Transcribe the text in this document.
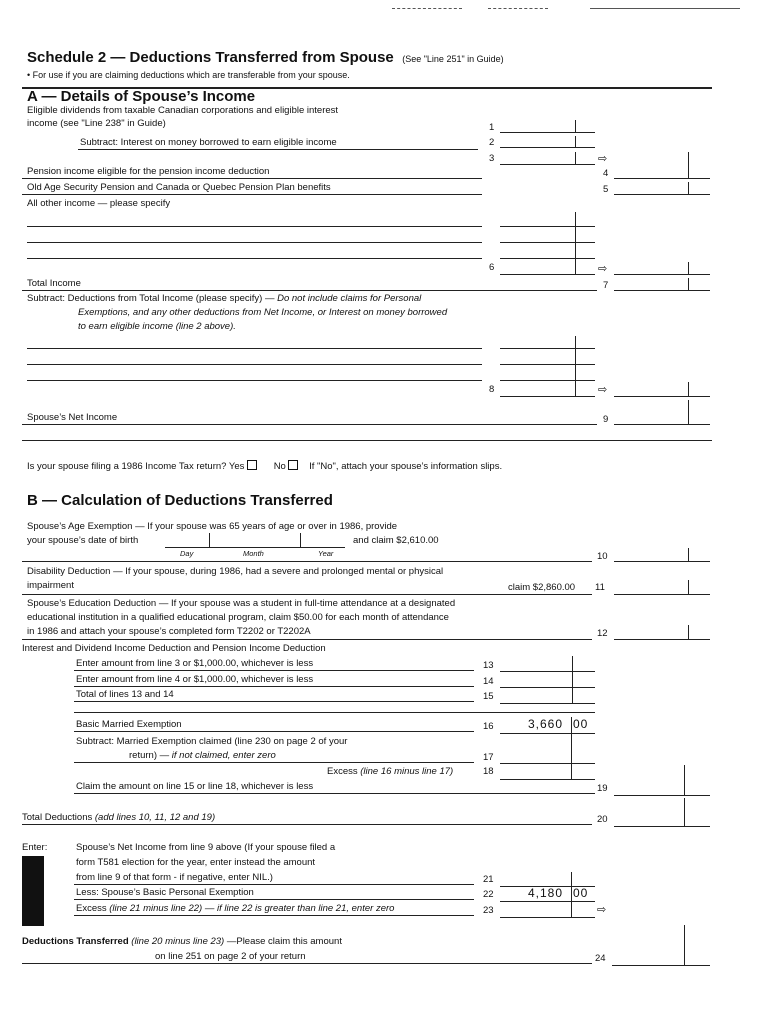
Schedule 2 — Deductions Transferred from Spouse (See "Line 251" in Guide)
• For use if you are claiming deductions which are transferable from your spouse.
A — Details of Spouse’s Income
Eligible dividends from taxable Canadian corporations and eligible interest
income (see "Line 238" in Guide)	1
Subtract: Interest on money borrowed to earn eligible income	2
3	⇨
Pension income eligible for the pension income deduction	4
Old Age Security Pension and Canada or Quebec Pension Plan benefits	5
All other income — please specify
6	⇨
Total Income	7
Subtract: Deductions from Total Income (please specify) — Do not include claims for Personal
Exemptions, and any other deductions from Net Income, or Interest on money borrowed
to earn eligible income (line 2 above).
8	⇨
Spouse’s Net Income	9
Is your spouse filing a 1986 Income Tax return? Yes	No If "No", attach your spouse’s information slips.
B — Calculation of Deductions Transferred
Spouse’s Age Exemption — If your spouse was 65 years of age or over in 1986, provide
your spouse’s date of birth	and claim $2,610.00
Day	Month	Year	10
Disability Deduction — If your spouse, during 1986, had a severe and prolonged mental or physical
impairment	claim $2,860.00 11
Spouse’s Education Deduction — If your spouse was a student in full-time attendance at a designated
educational institution in a qualified educational program, claim $50.00 for each month of attendance
in 1986 and attach your spouse’s completed form T2202 or T2202A	12
Interest and Dividend Income Deduction and Pension Income Deduction
Enter amount from line 3 or $1,000.00, whichever is less	13
Enter amount from line 4 or $1,000.00, whichever is less	14
Total of lines 13 and 14	15
Basic Married Exemption	16	3,660 00
Subtract: Married Exemption claimed (line 230 on page 2 of your
return) — if not claimed, enter zero	17
Excess (line 16 minus line 17)	18
Claim the amount on line 15 or line 18, whichever is less	19
Total Deductions (add lines 10, 11, 12 and 19)	20
Enter:	Spouse’s Net Income from line 9 above (If your spouse filed a
form T581 election for the year, enter instead the amount
from line 9 of that form - if negative, enter NIL.)	21
Less: Spouse’s Basic Personal Exemption	22	4,180 00
Excess (line 21 minus line 22) — if line 22 is greater than line 21, enter zero	23	⇨
Deductions Transferred (line 20 minus line 23) —Please claim this amount
on line 251 on page 2 of your return	24
